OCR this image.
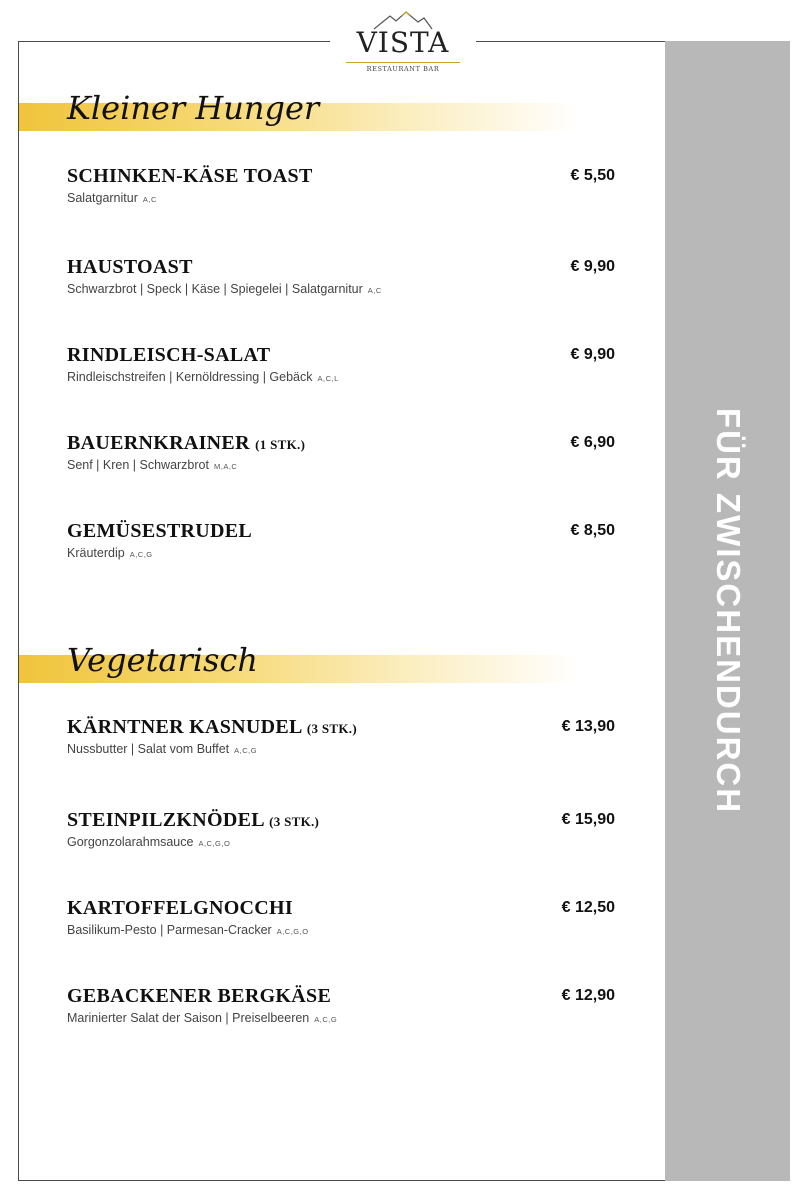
FÜR ZWISCHENDURCH
VISTA
RESTAURANT BAR
Kleiner Hunger
SCHINKEN-KÄSE TOAST	€ 5,50
Salatgarnitur A,C
HAUSTOAST	€ 9,90
Schwarzbrot | Speck | Käse | Spiegelei | Salatgarnitur A,C
RINDLEISCH-SALAT	€ 9,90
Rindleischstreifen | Kernöldressing | Gebäck A,C,L
BAUERNKRAINER (1 STK.)	€ 6,90
Senf | Kren | Schwarzbrot M,A,C
GEMÜSESTRUDEL	€ 8,50
Kräuterdip A,C,G
Vegetarisch
KÄRNTNER KASNUDEL (3 STK.)	€ 13,90
Nussbutter | Salat vom Buffet A,C,G
STEINPILZKNÖDEL (3 STK.)	€ 15,90
Gorgonzolarahmsauce A,C,G,O
KARTOFFELGNOCCHI	€ 12,50
Basilikum-Pesto | Parmesan-Cracker A,C,G,O
GEBACKENER BERGKÄSE	€ 12,90
Marinierter Salat der Saison | Preiselbeeren A,C,G
